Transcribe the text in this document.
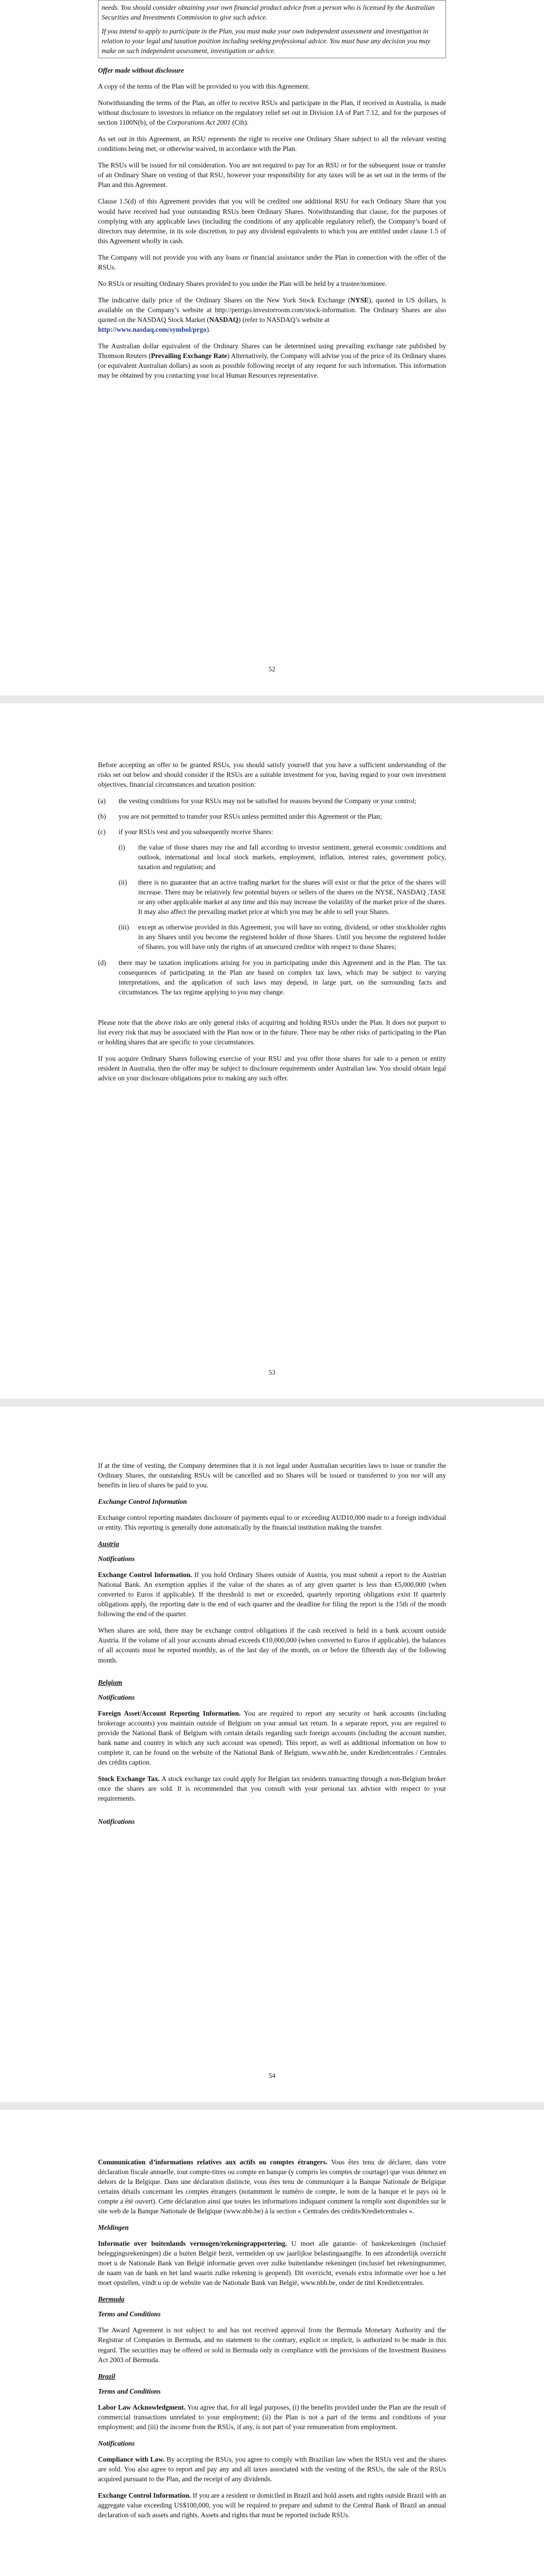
needs. You should consider obtaining your own financial product advice from a person who is licensed by the Australian Securities and Investments Commission to give such advice.

If you intend to apply to participate in the Plan, you must make your own independent assessment and investigation in relation to your legal and taxation position including seeking professional advice. You must base any decision you may make on such independent assessment, investigation or advice.

Offer made without disclosure

A copy of the terms of the Plan will be provided to you with this Agreement.

Notwithstanding the terms of the Plan, an offer to receive RSUs and participate in the Plan, if received in Australia, is made without disclosure to investors in reliance on the regulatory relief set out in Division 1A of Part 7.12, and for the purposes of section 1100N(b), of the Corporations Act 2001 (Cth).

As set out in this Agreement, an RSU represents the right to receive one Ordinary Share subject to all the relevant vesting conditions being met, or otherwise waived, in accordance with the Plan.

The RSUs will be issued for nil consideration. You are not required to pay for an RSU or for the subsequent issue or transfer of an Ordinary Share on vesting of that RSU, however your responsibility for any taxes will be as set out in the terms of the Plan and this Agreement.

Clause 1.5(d) of this Agreement provides that you will be credited one additional RSU for each Ordinary Share that you would have received had your outstanding RSUs been Ordinary Shares. Notwithstanding that clause, for the purposes of complying with any applicable laws (including the conditions of any applicable regulatory relief), the Company’s board of directors may determine, in its sole discretion, to pay any dividend equivalents to which you are entitled under clause 1.5 of this Agreement wholly in cash.

The Company will not provide you with any loans or financial assistance under the Plan in connection with the offer of the RSUs.

No RSUs or resulting Ordinary Shares provided to you under the Plan will be held by a trustee/nominee.

The indicative daily price of the Ordinary Shares on the New York Stock Exchange (NYSE), quoted in US dollars, is available on the Company’s website at http://perrigo.investorroom.com/stock-information. The Ordinary Shares are also quoted on the NASDAQ Stock Market (NASDAQ) (refer to NASDAQ’s website at
http://www.nasdaq.com/symbol/prgo).

The Australian dollar equivalent of the Ordinary Shares can be determined using prevailing exchange rate published by Thomson Reuters (Prevailing Exchange Rate) Alternatively, the Company will advise you of the price of its Ordinary shares (or equivalent Australian dollars) as soon as possible following receipt of any request for such information. This information may be obtained by you contacting your local Human Resources representative.

52

Before accepting an offer to be granted RSUs, you should satisfy yourself that you have a sufficient understanding of the risks set out below and should consider if the RSUs are a suitable investment for you, having regard to your own investment objectives, financial circumstances and taxation position:

(a)	the vesting conditions for your RSUs may not be satisfied for reasons beyond the Company or your control;
(b)	you are not permitted to transfer your RSUs unless permitted under this Agreement or the Plan;
(c)	if your RSUs vest and you subsequently receive Shares:
(i)	the value of those shares may rise and fall according to investor sentiment, general economic conditions and outlook, international and local stock markets, employment, inflation, interest rates, government policy, taxation and regulation; and
(ii)	there is no guarantee that an active trading market for the shares will exist or that the price of the shares will increase. There may be relatively few potential buyers or sellers of the shares on the NYSE, NASDAQ ,TASE or any other applicable market at any time and this may increase the volatility of the market price of the shares. It may also affect the prevailing market price at which you may be able to sell your Shares.
(iii)	except as otherwise provided in this Agreement, you will have no voting, dividend, or other stockholder rights in any Shares until you become the registered holder of those Shares. Until you become the registered holder of Shares, you will have only the rights of an unsecured creditor with respect to those Shares;
(d)	there may be taxation implications arising for you in participating under this Agreement and in the Plan. The tax consequences of participating in the Plan are based on complex tax laws, which may be subject to varying interpretations, and the application of such laws may depend, in large part, on the surrounding facts and circumstances. The tax regime applying to you may change.

Please note that the above risks are only general risks of acquiring and holding RSUs under the Plan. It does not purport to list every risk that may be associated with the Plan now or in the future. There may be other risks of participating in the Plan or holding shares that are specific to your circumstances.

If you acquire Ordinary Shares following exercise of your RSU and you offer those shares for sale to a person or entity resident in Australia, then the offer may be subject to disclosure requirements under Australian law. You should obtain legal advice on your disclosure obligations prior to making any such offer.

53

If at the time of vesting, the Company determines that it is not legal under Australian securities laws to issue or transfer the Ordinary Shares, the outstanding RSUs will be cancelled and no Shares will be issued or transferred to you nor will any benefits in lieu of shares be paid to you.

Exchange Control Information

Exchange control reporting mandates disclosure of payments equal to or exceeding AUD10,000 made to a foreign individual or entity. This reporting is generally done automatically by the financial institution making the transfer.

Austria
Notifications

Exchange Control Information. If you hold Ordinary Shares outside of Austria, you must submit a report to the Austrian National Bank. An exemption applies if the value of the shares as of any given quarter is less than €5,000,000 (when converted to Euros if applicable). If the threshold is met or exceeded, quarterly reporting obligations exist If quarterly obligations apply, the reporting date is the end of each quarter and the deadline for filing the report is the 15th of the month following the end of the quarter.

When shares are sold, there may be exchange control obligations if the cash received is held in a bank account outside Austria. If the volume of all your accounts abroad exceeds €10,000,000 (when converted to Euros if applicable), the balances of all accounts must be reported monthly, as of the last day of the month, on or before the fifteenth day of the following month.

Belgium
Notifications

Foreign Asset/Account Reporting Information. You are required to report any security or bank accounts (including brokerage accounts) you maintain outside of Belgium on your annual tax return. In a separate report, you are required to provide the National Bank of Belgium with certain details regarding such foreign accounts (including the account number, bank name and country in which any such account was opened). This report, as well as additional information on how to complete it, can be found on the website of the National Bank of Belgium, www.nbb.be, under Kredietcentrales / Centrales des crédits caption.

Stock Exchange Tax. A stock exchange tax could apply for Belgian tax residents transacting through a non-Belgium broker once the shares are sold. It is recommended that you consult with your personal tax advisor with respect to your requirements.

Notifications
54

Communication d’informations relatives aux actifs ou comptes étrangers. Vous êtes tenu de déclarer, dans votre déclaration fiscale annuelle, tout compte-titres ou compte en banque (y compris les comptes de courtage) que vous détenez en dehors de la Belgique. Dans une déclaration distincte, vous êtes tenu de communiquer à la Banque Nationale de Belgique certains détails concernant les comptes étrangers (notamment le numéro de compte, le nom de la banque et le pays où le compte a été ouvert). Cette déclaration ainsi que toutes les informations indiquant comment la remplir sont disponibles sur le site web de la Banque Nationale de Belgique (www.nbb.be) à la section « Centrales des crédits/Kredietcentrales ».

Meldingen

Informatie over buitenlands vermogen/rekeningrapportering. U moet alle garantie- of bankrekeningen (inclusief beleggingsrekeningen) die u buiten België bezit, vermelden op uw jaarlijkse belastingaangifte. In een afzonderlijk overzicht moet u de Nationale Bank van België informatie geven over zulke buitenlandse rekeningen (inclusief het rekeningnummer, de naam van de bank en het land waarin zulke rekening is geopend). Dit overzicht, evenals extra informatie over hoe u het moet opstellen, vindt u op de website van de Nationale Bank van België, www.nbb.be, onder de titel Kredietcentrales.

Bermuda
Terms and Conditions

The Award Agreement is not subject to and has not received approval from the Bermuda Monetary Authority and the Registrar of Companies in Bermuda, and no statement to the contrary, explicit or implicit, is authorized to be made in this regard. The securities may be offered or sold in Bermuda only in compliance with the provisions of the Investment Business Act 2003 of Bermuda.

Brazil
Terms and Conditions

Labor Law Acknowledgment. You agree that, for all legal purposes, (i) the benefits provided under the Plan are the result of commercial transactions unrelated to your employment; (ii) the Plan is not a part of the terms and conditions of your employment; and (iii) the income from the RSUs, if any, is not part of your remuneration from employment.

Notifications

Compliance with Law. By accepting the RSUs, you agree to comply with Brazilian law when the RSUs vest and the shares are sold. You also agree to report and pay any and all taxes associated with the vesting of the RSUs, the sale of the RSUs acquired pursuant to the Plan, and the receipt of any dividends.

Exchange Control Information. If you are a resident or domiciled in Brazil and hold assets and rights outside Brazil with an aggregate value exceeding US$100,000, you will be required to prepare and submit to the Central Bank of Brazil an annual declaration of such assets and rights. Assets and rights that must be reported include RSUs.
